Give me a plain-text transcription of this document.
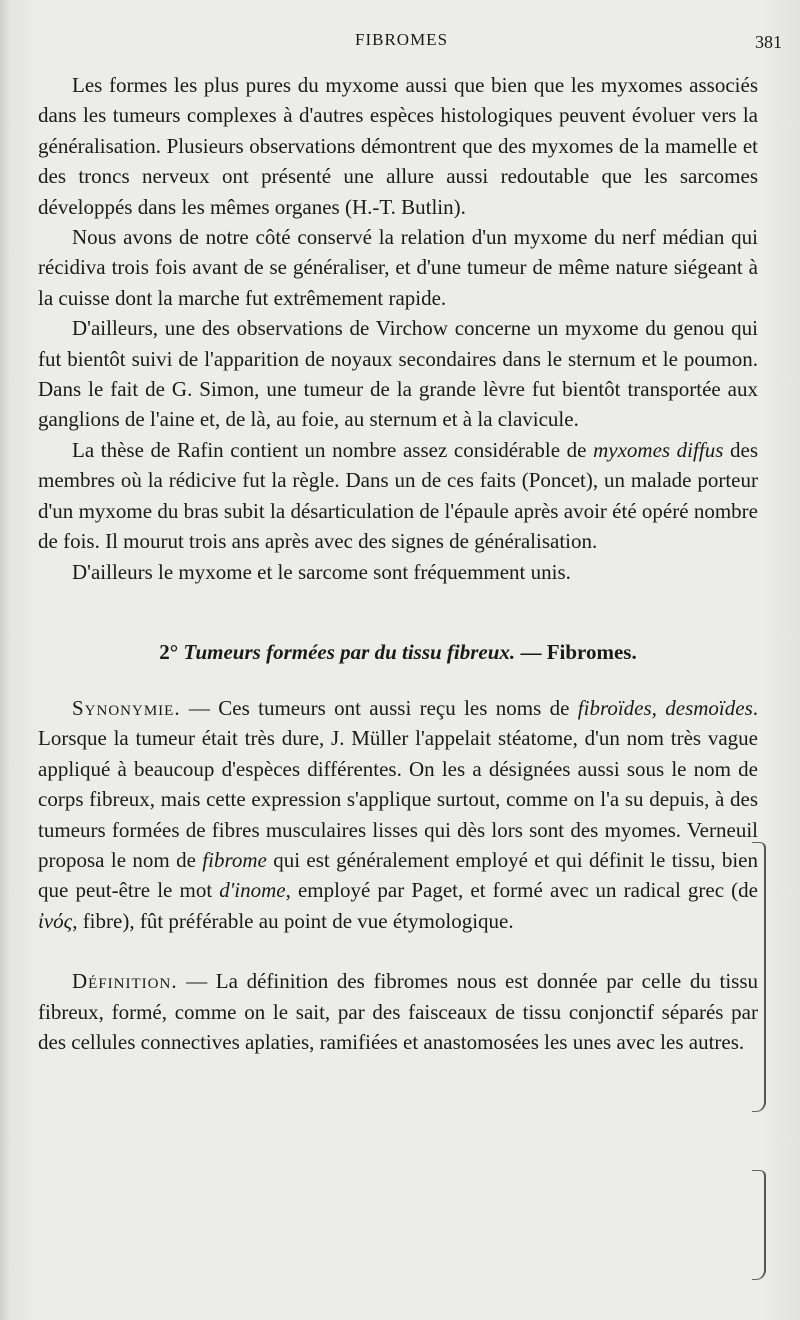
FIBROMES	381

Les formes les plus pures du myxome aussi que bien que les myxomes associés dans les tumeurs complexes à d'autres espèces histologiques peuvent évoluer vers la généralisation. Plusieurs observations démontrent que des myxomes de la mamelle et des troncs nerveux ont présenté une allure aussi redoutable que les sarcomes développés dans les mêmes organes (H.-T. Butlin).

Nous avons de notre côté conservé la relation d'un myxome du nerf médian qui récidiva trois fois avant de se généraliser, et d'une tumeur de même nature siégeant à la cuisse dont la marche fut extrêmement rapide.

D'ailleurs, une des observations de Virchow concerne un myxome du genou qui fut bientôt suivi de l'apparition de noyaux secondaires dans le sternum et le poumon. Dans le fait de G. Simon, une tumeur de la grande lèvre fut bientôt transportée aux ganglions de l'aine et, de là, au foie, au sternum et à la clavicule.

La thèse de Rafin contient un nombre assez considérable de myxomes diffus des membres où la rédicive fut la règle. Dans un de ces faits (Poncet), un malade porteur d'un myxome du bras subit la désarticulation de l'épaule après avoir été opéré nombre de fois. Il mourut trois ans après avec des signes de généralisation.

D'ailleurs le myxome et le sarcome sont fréquemment unis.

2° Tumeurs formées par du tissu fibreux. — Fibromes.

Synonymie. — Ces tumeurs ont aussi reçu les noms de fibroïdes, desmoïdes. Lorsque la tumeur était très dure, J. Müller l'appelait stéatome, d'un nom très vague appliqué à beaucoup d'espèces différentes. On les a désignées aussi sous le nom de corps fibreux, mais cette expression s'applique surtout, comme on l'a su depuis, à des tumeurs formées de fibres musculaires lisses qui dès lors sont des myomes. Verneuil proposa le nom de fibrome qui est généralement employé et qui définit le tissu, bien que peut-être le mot d'inome, employé par Paget, et formé avec un radical grec (de ἰνός, fibre), fût préférable au point de vue étymologique.

Définition. — La définition des fibromes nous est donnée par celle du tissu fibreux, formé, comme on le sait, par des faisceaux de tissu conjonctif séparés par des cellules connectives aplaties, ramifiées et anastomosées les unes avec les autres.
